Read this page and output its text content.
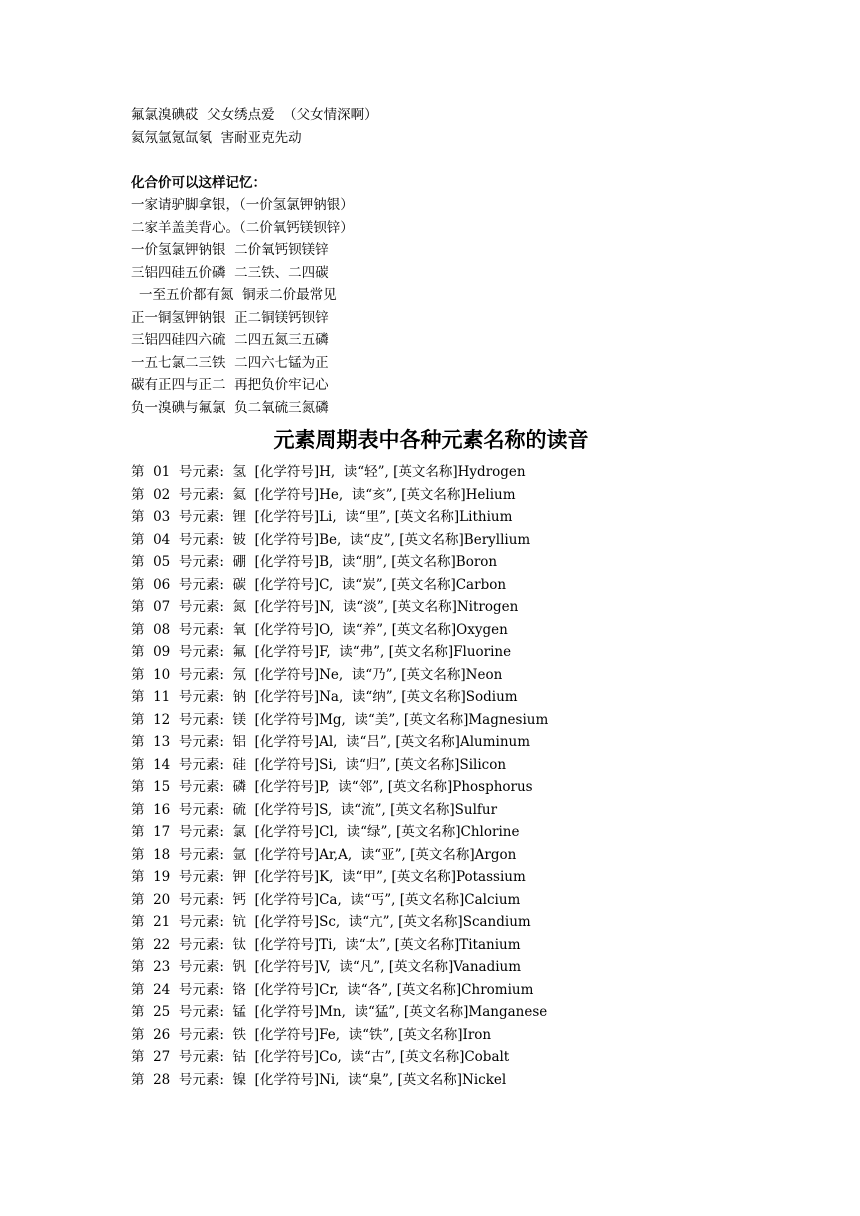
氟氯溴碘砹  父女绣点爱  （父女情深啊）
氦氖氩氪氙氡  害耐亚克先动
化合价可以这样记忆：
一家请驴脚拿银，（一价氢氯钾钠银）
二家羊盖美背心。（二价氧钙镁钡锌）
一价氢氯钾钠银  二价氧钙钡镁锌
三铝四硅五价磷  二三铁、二四碳
一至五价都有氮  铜汞二价最常见
正一铜氢钾钠银  正二铜镁钙钡锌
三铝四硅四六硫  二四五氮三五磷
一五七氯二三铁  二四六七锰为正
碳有正四与正二  再把负价牢记心
负一溴碘与氟氯  负二氧硫三氮磷
元素周期表中各种元素名称的读音
第  01  号元素:  氢  [化学符号]H,  读“轻”, [英文名称]Hydrogen
第  02  号元素:  氦  [化学符号]He,  读“亥”, [英文名称]Helium
第  03  号元素:  锂  [化学符号]Li,  读“里”, [英文名称]Lithium
第  04  号元素:  铍  [化学符号]Be,  读“皮”, [英文名称]Beryllium
第  05  号元素:  硼  [化学符号]B,  读“朋”, [英文名称]Boron
第  06  号元素:  碳  [化学符号]C,  读“炭”, [英文名称]Carbon
第  07  号元素:  氮  [化学符号]N,  读“淡”, [英文名称]Nitrogen
第  08  号元素:  氧  [化学符号]O,  读“养”, [英文名称]Oxygen
第  09  号元素:  氟  [化学符号]F,  读“弗”, [英文名称]Fluorine
第  10  号元素:  氖  [化学符号]Ne,  读“乃”, [英文名称]Neon
第  11  号元素:  钠  [化学符号]Na,  读“纳”, [英文名称]Sodium
第  12  号元素:  镁  [化学符号]Mg,  读“美”, [英文名称]Magnesium
第  13  号元素:  铝  [化学符号]Al,  读“吕”, [英文名称]Aluminum
第  14  号元素:  硅  [化学符号]Si,  读“归”, [英文名称]Silicon
第  15  号元素:  磷  [化学符号]P,  读“邻”, [英文名称]Phosphorus
第  16  号元素:  硫  [化学符号]S,  读“流”, [英文名称]Sulfur
第  17  号元素:  氯  [化学符号]Cl,  读“绿”, [英文名称]Chlorine
第  18  号元素:  氩  [化学符号]Ar,A,  读“亚”, [英文名称]Argon
第  19  号元素:  钾  [化学符号]K,  读“甲”, [英文名称]Potassium
第  20  号元素:  钙  [化学符号]Ca,  读“丐”, [英文名称]Calcium
第  21  号元素:  钪  [化学符号]Sc,  读“亢”, [英文名称]Scandium
第  22  号元素:  钛  [化学符号]Ti,  读“太”, [英文名称]Titanium
第  23  号元素:  钒  [化学符号]V,  读“凡”, [英文名称]Vanadium
第  24  号元素:  铬  [化学符号]Cr,  读“各”, [英文名称]Chromium
第  25  号元素:  锰  [化学符号]Mn,  读“猛”, [英文名称]Manganese
第  26  号元素:  铁  [化学符号]Fe,  读“铁”, [英文名称]Iron
第  27  号元素:  钴  [化学符号]Co,  读“古”, [英文名称]Cobalt
第  28  号元素:  镍  [化学符号]Ni,  读“臬”, [英文名称]Nickel
